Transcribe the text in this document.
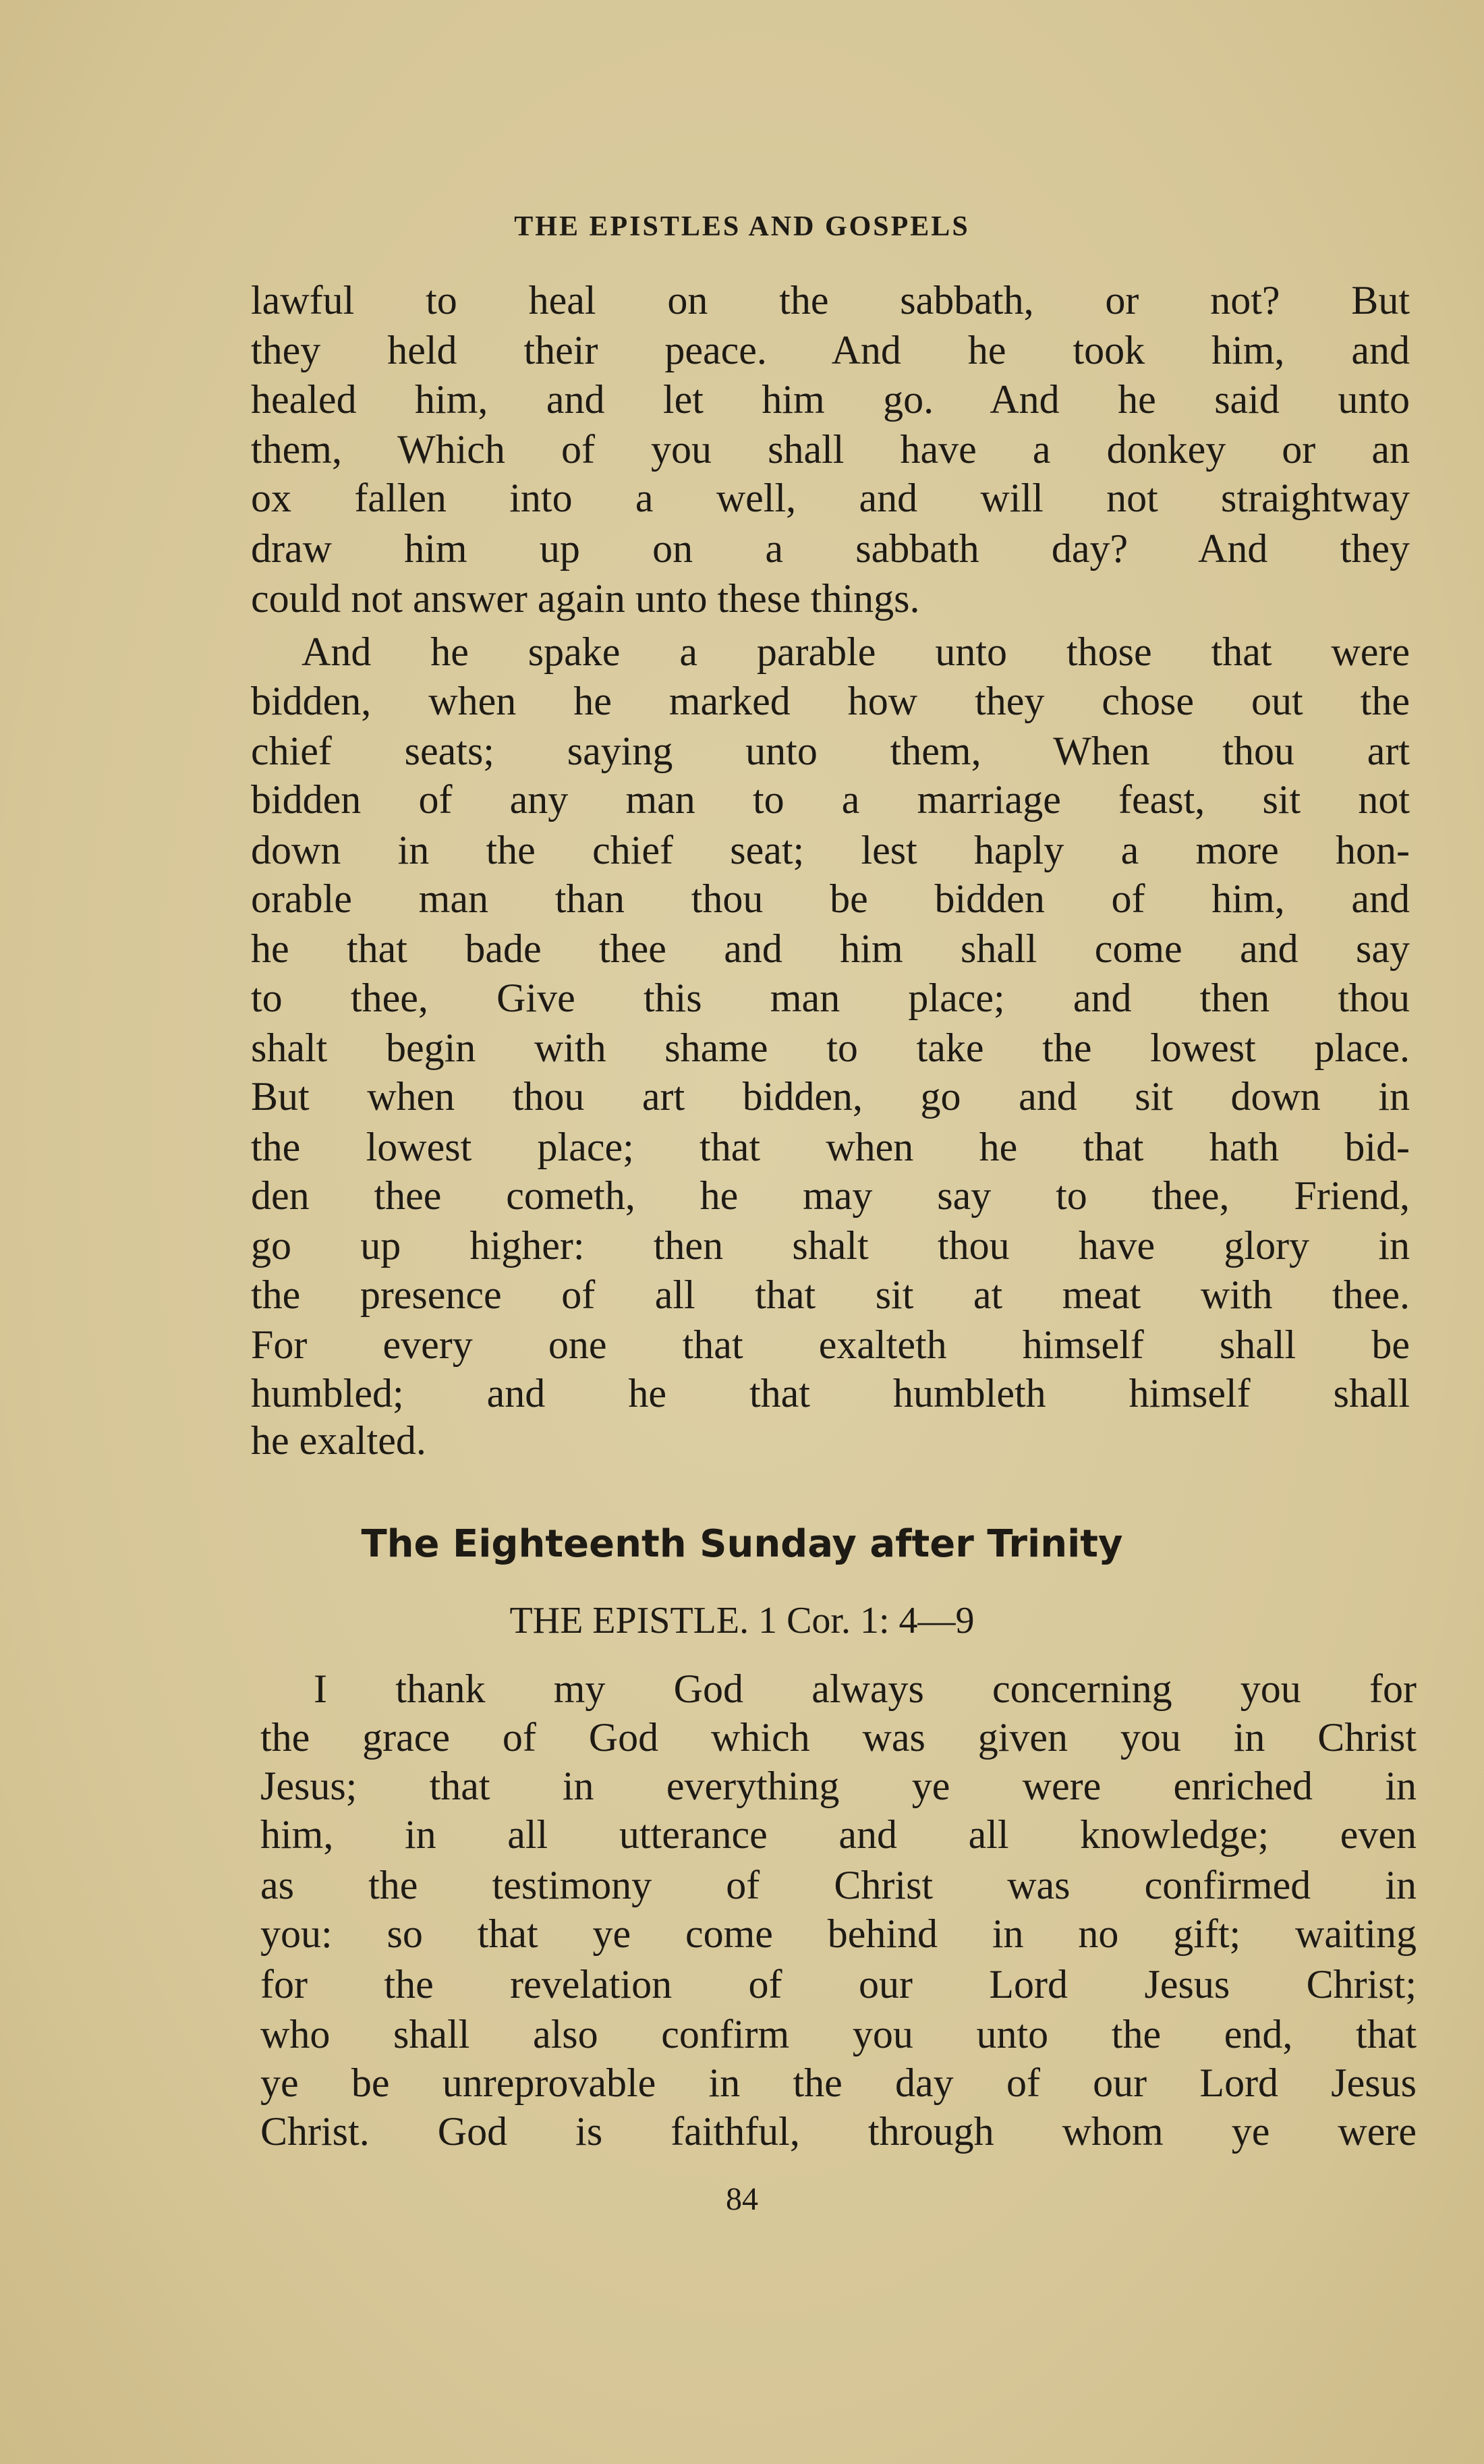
THE EPISTLES AND GOSPELS
lawful to heal on the sabbath, or not? But
they held their peace. And he took him, and
healed him, and let him go. And he said unto
them, Which of you shall have a donkey or an
ox fallen into a well, and will not straightway
draw him up on a sabbath day? And they
could not answer again unto these things.
And he spake a parable unto those that were
bidden, when he marked how they chose out the
chief seats; saying unto them, When thou art
bidden of any man to a marriage feast, sit not
down in the chief seat; lest haply a more hon-
orable man than thou be bidden of him, and
he that bade thee and him shall come and say
to thee, Give this man place; and then thou
shalt begin with shame to take the lowest place.
But when thou art bidden, go and sit down in
the lowest place; that when he that hath bid-
den thee cometh, he may say to thee, Friend,
go up higher: then shalt thou have glory in
the presence of all that sit at meat with thee.
For every one that exalteth himself shall be
humbled; and he that humbleth himself shall
he exalted.
The Eighteenth Sunday after Trinity
THE EPISTLE. 1 Cor. 1: 4—9
I thank my God always concerning you for
the grace of God which was given you in Christ
Jesus; that in everything ye were enriched in
him, in all utterance and all knowledge; even
as the testimony of Christ was confirmed in
you: so that ye come behind in no gift; waiting
for the revelation of our Lord Jesus Christ;
who shall also confirm you unto the end, that
ye be unreprovable in the day of our Lord Jesus
Christ. God is faithful, through whom ye were
84
